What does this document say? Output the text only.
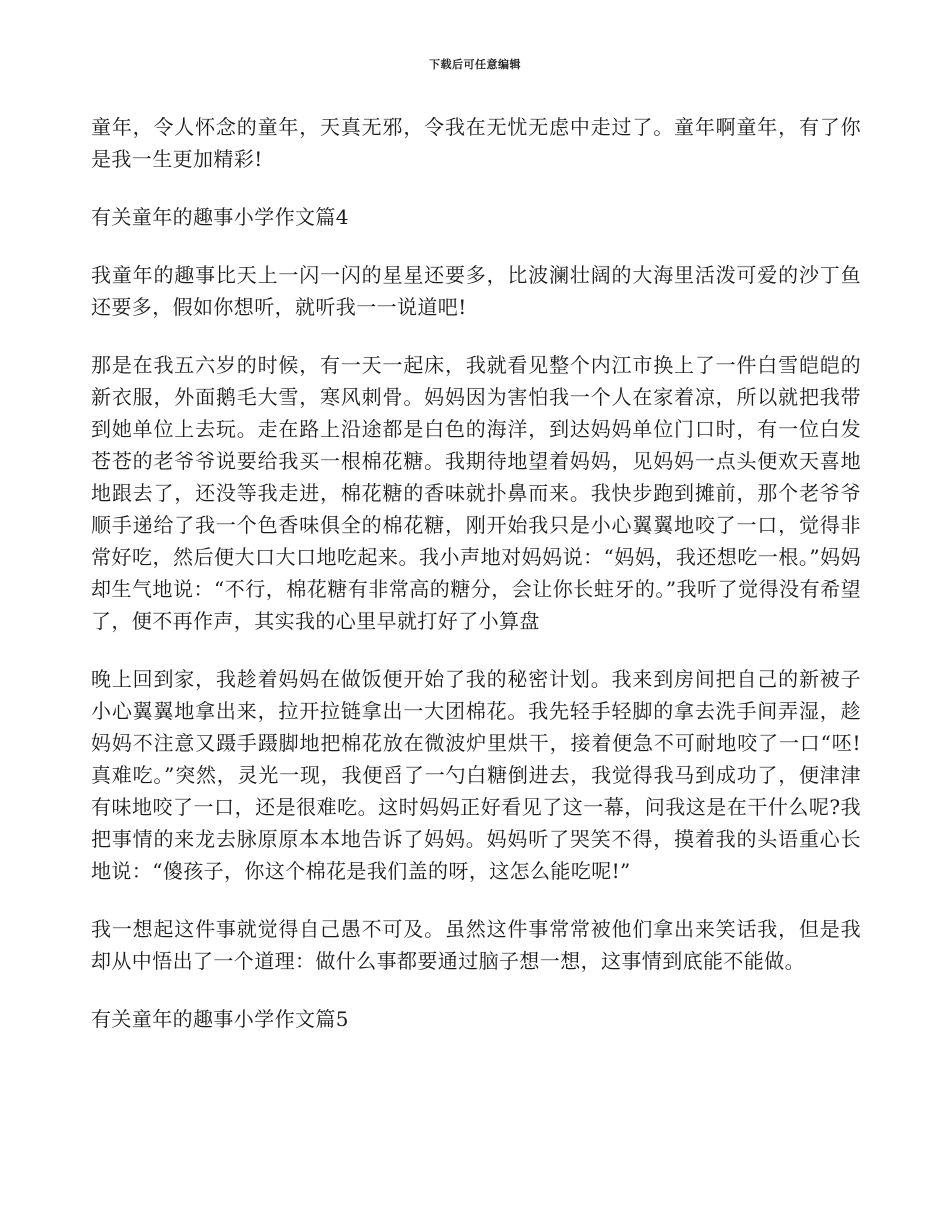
下载后可任意编辑

童年，令人怀念的童年，天真无邪，令我在无忧无虑中走过了。童年啊童年，有了你是我一生更加精彩!

有关童年的趣事小学作文篇4

我童年的趣事比天上一闪一闪的星星还要多，比波澜壮阔的大海里活泼可爱的沙丁鱼还要多，假如你想听，就听我一一说道吧!

那是在我五六岁的时候，有一天一起床，我就看见整个内江市换上了一件白雪皑皑的新衣服，外面鹅毛大雪，寒风刺骨。妈妈因为害怕我一个人在家着凉，所以就把我带到她单位上去玩。走在路上沿途都是白色的海洋，到达妈妈单位门口时，有一位白发苍苍的老爷爷说要给我买一根棉花糖。我期待地望着妈妈，见妈妈一点头便欢天喜地地跟去了，还没等我走进，棉花糖的香味就扑鼻而来。我快步跑到摊前，那个老爷爷顺手递给了我一个色香味俱全的棉花糖，刚开始我只是小心翼翼地咬了一口，觉得非常好吃，然后便大口大口地吃起来。我小声地对妈妈说：“妈妈，我还想吃一根。”妈妈却生气地说：“不行，棉花糖有非常高的糖分，会让你长蛀牙的。”我听了觉得没有希望了，便不再作声，其实我的心里早就打好了小算盘

晚上回到家，我趁着妈妈在做饭便开始了我的秘密计划。我来到房间把自己的新被子小心翼翼地拿出来，拉开拉链拿出一大团棉花。我先轻手轻脚的拿去洗手间弄湿，趁妈妈不注意又蹑手蹑脚地把棉花放在微波炉里烘干，接着便急不可耐地咬了一口“呸!真难吃。”突然，灵光一现，我便舀了一勺白糖倒进去，我觉得我马到成功了，便津津有味地咬了一口，还是很难吃。这时妈妈正好看见了这一幕，问我这是在干什么呢?我把事情的来龙去脉原原本本地告诉了妈妈。妈妈听了哭笑不得，摸着我的头语重心长地说：“傻孩子，你这个棉花是我们盖的呀，这怎么能吃呢!”

我一想起这件事就觉得自己愚不可及。虽然这件事常常被他们拿出来笑话我，但是我却从中悟出了一个道理：做什么事都要通过脑子想一想，这事情到底能不能做。

有关童年的趣事小学作文篇5
